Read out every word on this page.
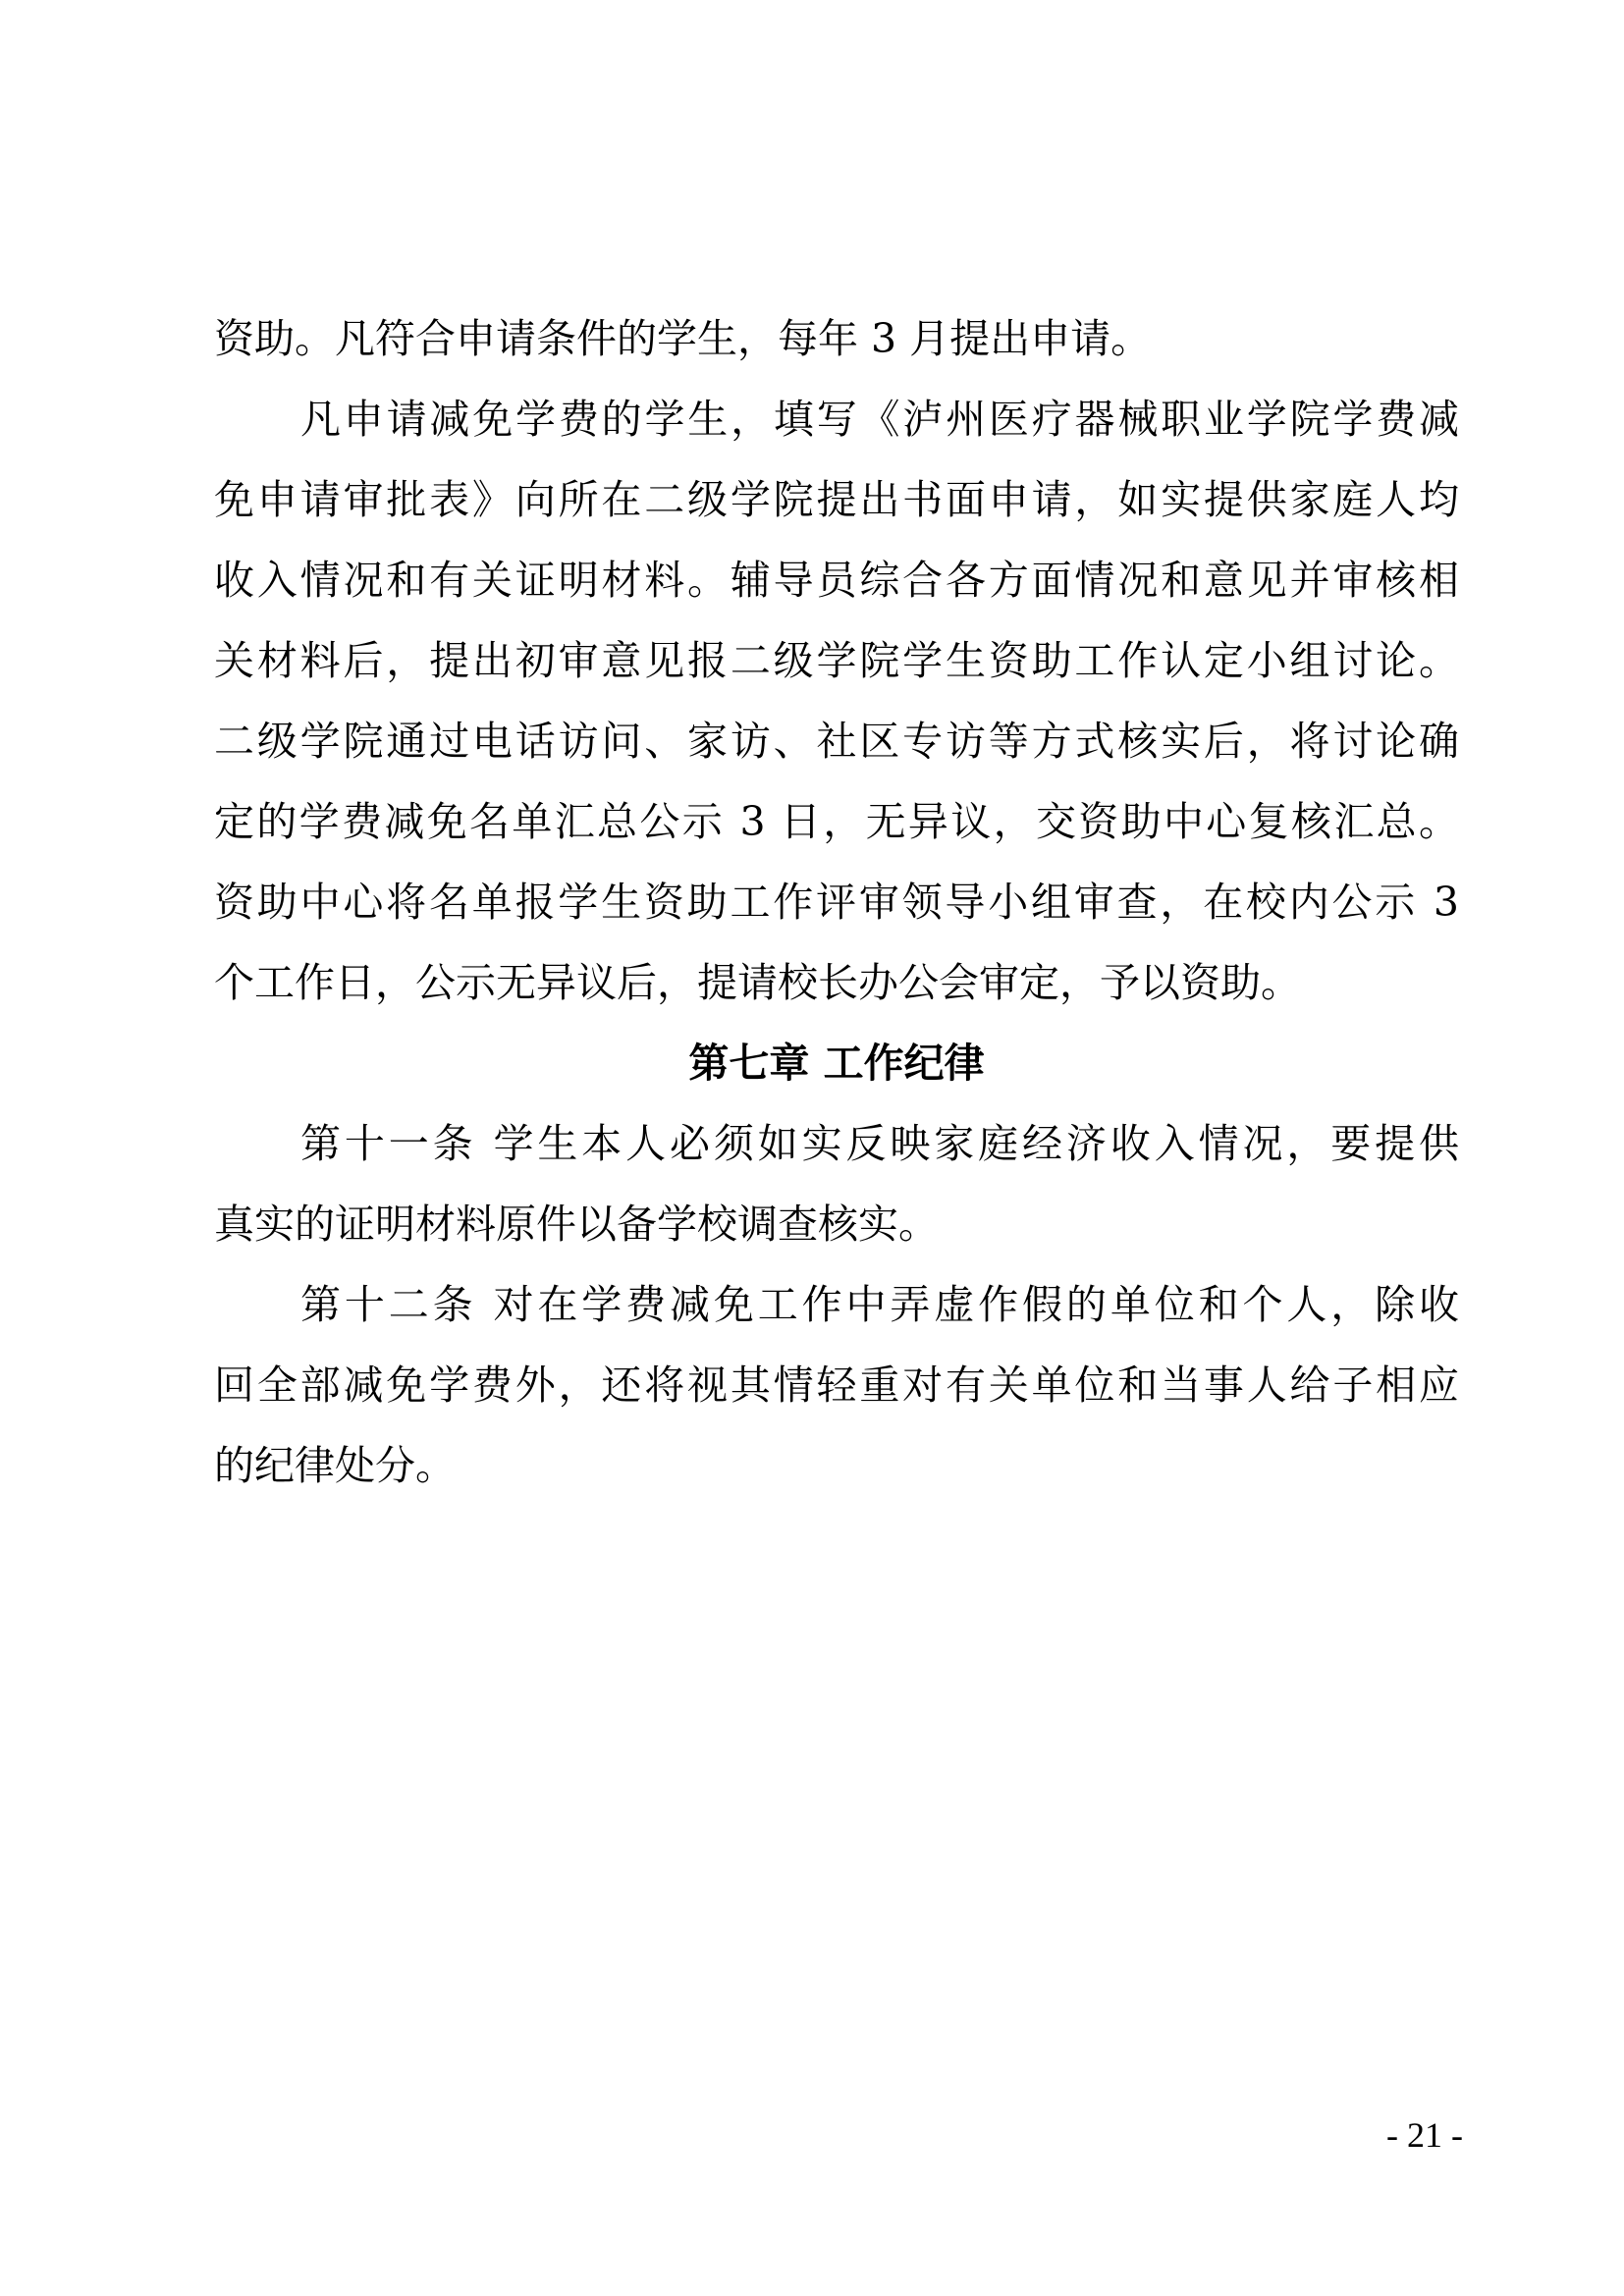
资助。凡符合申请条件的学生，每年 3 月提出申请。
凡申请减免学费的学生，填写《泸州医疗器械职业学院学费减
免申请审批表》向所在二级学院提出书面申请，如实提供家庭人均
收入情况和有关证明材料。辅导员综合各方面情况和意见并审核相
关材料后，提出初审意见报二级学院学生资助工作认定小组讨论。
二级学院通过电话访问、家访、社区专访等方式核实后，将讨论确
定的学费减免名单汇总公示 3 日，无异议，交资助中心复核汇总。
资助中心将名单报学生资助工作评审领导小组审查，在校内公示 3
个工作日，公示无异议后，提请校长办公会审定，予以资助。
第七章 工作纪律
第十一条 学生本人必须如实反映家庭经济收入情况，要提供
真实的证明材料原件以备学校调查核实。
第十二条 对在学费减免工作中弄虚作假的单位和个人，除收
回全部减免学费外，还将视其情轻重对有关单位和当事人给子相应
的纪律处分。
- 21 -
